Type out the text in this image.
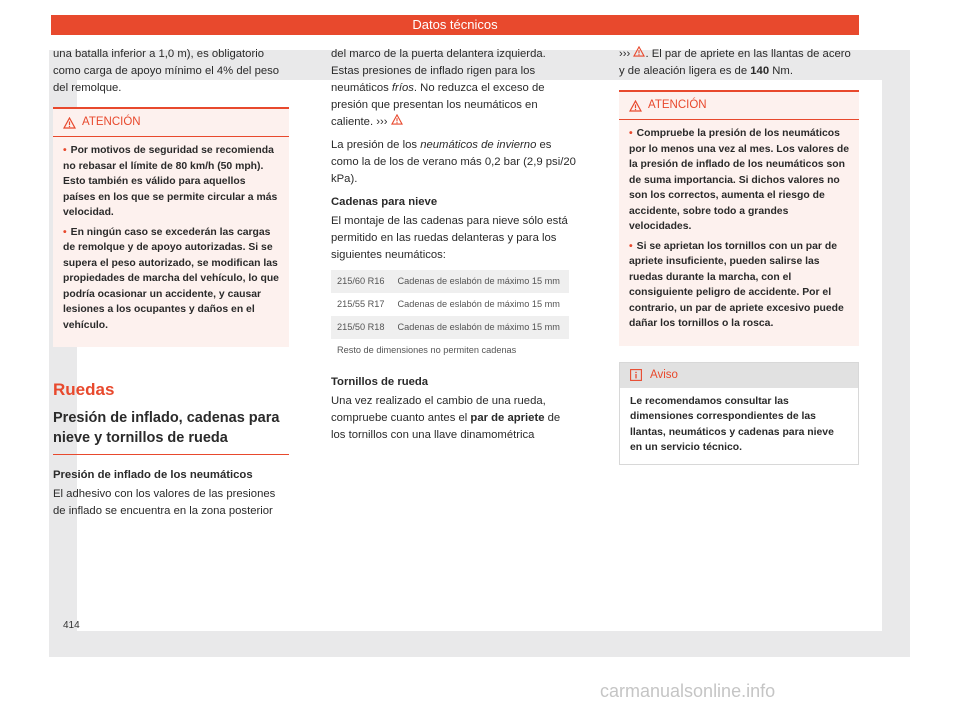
Datos técnicos

una batalla inferior a 1,0 m), es obligatorio como carga de apoyo mínimo el 4% del peso del remolque.

ATENCIÓN
• Por motivos de seguridad se recomienda no rebasar el límite de 80 km/h (50 mph). Esto también es válido para aquellos países en los que se permite circular a más velocidad.
• En ningún caso se excederán las cargas de remolque y de apoyo autorizadas. Si se supera el peso autorizado, se modifican las propiedades de marcha del vehículo, lo que podría ocasionar un accidente, y causar lesiones a los ocupantes y daños en el vehículo.
Ruedas
Presión de inflado, cadenas para nieve y tornillos de rueda
Presión de inflado de los neumáticos

El adhesivo con los valores de las presiones de inflado se encuentra en la zona posterior

del marco de la puerta delantera izquierda. Estas presiones de inflado rigen para los neumáticos fríos. No reduzca el exceso de presión que presentan los neumáticos en caliente. ›››

La presión de los neumáticos de invierno es como la de los de verano más 0,2 bar (2,9 psi/20 kPa).

Cadenas para nieve

El montaje de las cadenas para nieve sólo está permitido en las ruedas delanteras y para los siguientes neumáticos:

215/60 R16	Cadenas de eslabón de máximo 15 mm
215/55 R17	Cadenas de eslabón de máximo 15 mm
215/50 R18	Cadenas de eslabón de máximo 15 mm
Resto de dimensiones no permiten cadenas	
Tornillos de rueda

Una vez realizado el cambio de una rueda, compruebe cuanto antes el par de apriete de los tornillos con una llave dinamométrica

››› . El par de apriete en las llantas de acero y de aleación ligera es de 140 Nm.

ATENCIÓN
• Compruebe la presión de los neumáticos por lo menos una vez al mes. Los valores de la presión de inflado de los neumáticos son de suma importancia. Si dichos valores no son los correctos, aumenta el riesgo de accidente, sobre todo a grandes velocidades.
• Si se aprietan los tornillos con un par de apriete insuficiente, pueden salirse las ruedas durante la marcha, con el consiguiente peligro de accidente. Por el contrario, un par de apriete excesivo puede dañar los tornillos o la rosca.
Aviso
Le recomendamos consultar las dimensiones correspondientes de las llantas, neumáticos y cadenas para nieve en un servicio técnico.
414
carmanualsonline.info
